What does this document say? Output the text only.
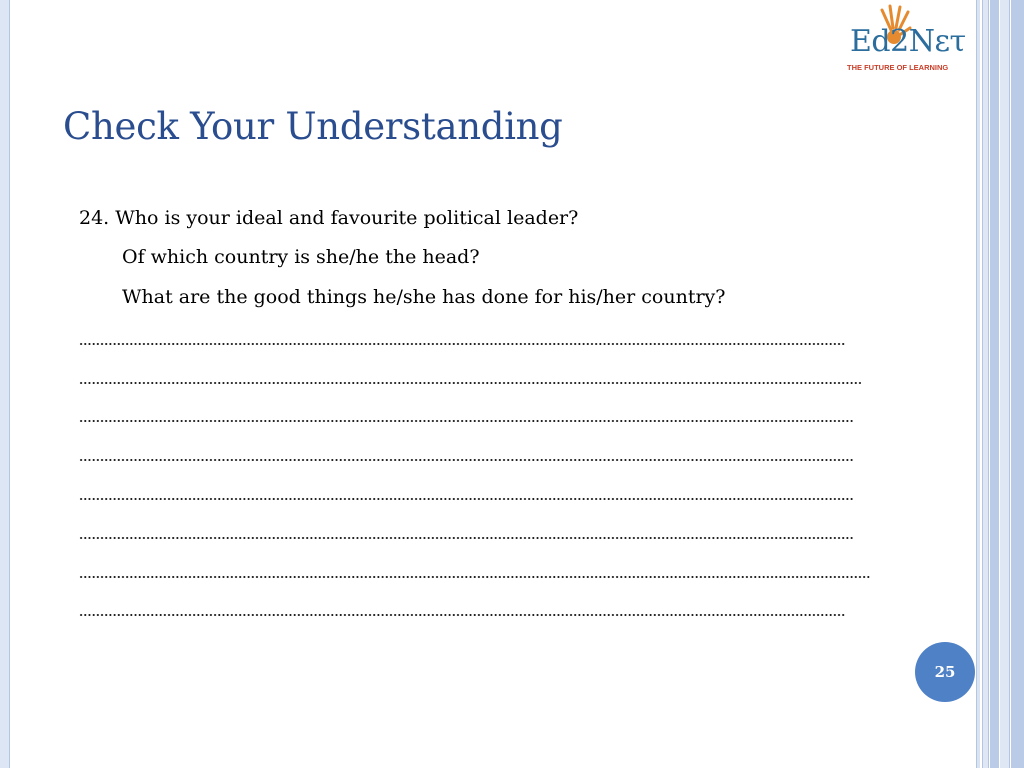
Ed2Nετ
THE FUTURE OF LEARNING
Check Your Understanding
24. Who is your ideal and favourite political leader?
Of which country is she/he the head?
What are the good things he/she has done for his/her country?
25
